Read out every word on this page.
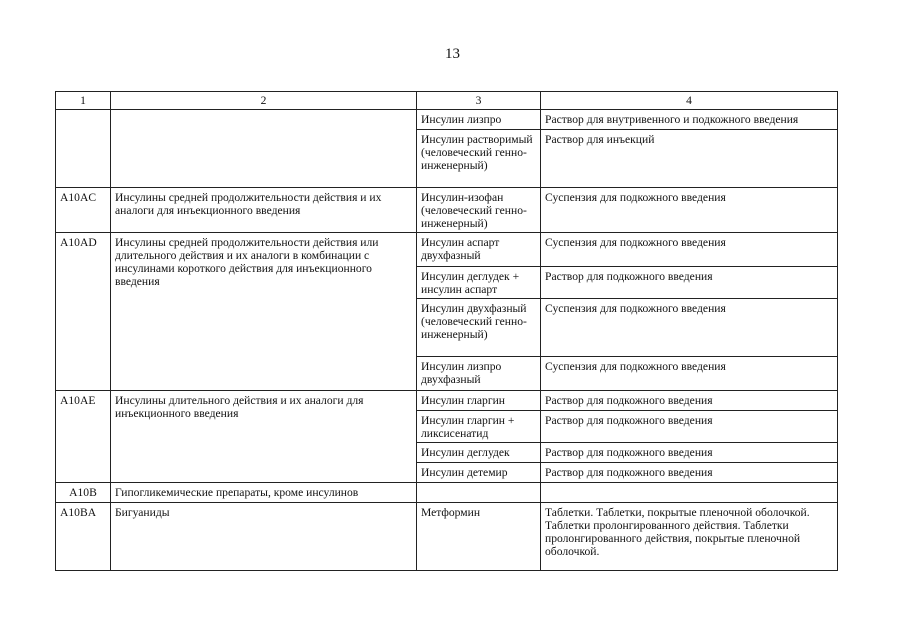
13
1	2	3	4
		Инсулин лизпро	Раствор для внутривенного и подкожного введения
		Инсулин растворимый (человеческий генно-инженерный)	Раствор для инъекций
A10AC	Инсулины средней продолжительности действия и их аналоги для инъекционного введения	Инсулин-изофан (человеческий генно-инженерный)	Суспензия для подкожного введения
A10AD	Инсулины средней продолжительности действия или длительного действия и их аналоги в комбинации с инсулинами короткого действия для инъекционного введения	Инсулин аспарт двухфазный	Суспензия для подкожного введения
		Инсулин деглудек + инсулин аспарт	Раствор для подкожного введения
		Инсулин двухфазный (человеческий генно-инженерный)	Суспензия для подкожного введения
		Инсулин лизпро двухфазный	Суспензия для подкожного введения
A10AE	Инсулины длительного действия и их аналоги для инъекционного введения	Инсулин гларгин	Раствор для подкожного введения
		Инсулин гларгин + ликсисенатид	Раствор для подкожного введения
		Инсулин деглудек	Раствор для подкожного введения
		Инсулин детемир	Раствор для подкожного введения
A10B	Гипогликемические препараты, кроме инсулинов		
A10BA	Бигуаниды	Метформин	Таблетки. Таблетки, покрытые пленочной оболочкой. Таблетки пролонгированного действия. Таблетки пролонгированного действия, покрытые пленочной оболочкой.
